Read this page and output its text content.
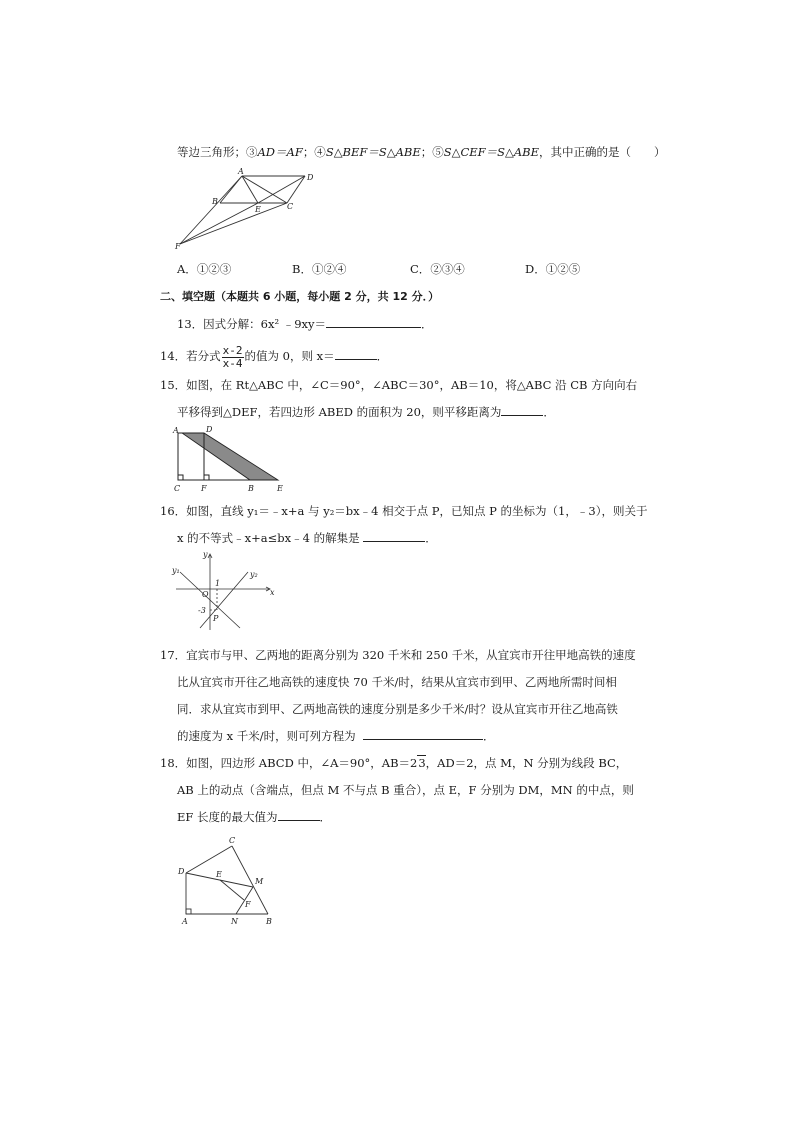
等边三角形；③AD＝AF；④S△BEF＝S△ABE；⑤S△CEF＝S△ABE，其中正确的是（　　）
A
D
B
E	C
F
A．①②③	B．①②④	C．②③④	D．①②⑤
二、填空题（本题共 6 小题，每小题 2 分，共 12 分．）
13．因式分解：6x² ﹣9xy＝	．
14．若分式 $\frac{x-2}{x-4}$ 的值为 0，则 x＝	．
15．如图，在 Rt△ABC 中，∠C＝90°，∠ABC＝30°，AB＝10，将△ABC 沿 CB 方向向右
平移得到△DEF，若四边形 ABED 的面积为 20，则平移距离为	．
A	D
C	F	B	E
16．如图，直线 y₁＝﹣x+a 与 y₂＝bx﹣4 相交于点 P，已知点 P 的坐标为（1，﹣3），则关于
x 的不等式﹣x+a≤bx﹣4 的解集是	．
y
y₁	y₂
O
1
x
-3
P
17．宜宾市与甲、乙两地的距离分别为 320 千米和 250 千米，从宜宾市开往甲地高铁的速度
比从宜宾市开往乙地高铁的速度快 70 千米/时，结果从宜宾市到甲、乙两地所需时间相
同．求从宜宾市到甲、乙两地高铁的速度分别是多少千米/时？设从宜宾市开往乙地高铁
的速度为 x 千米/时，则可列方程为	．
18．如图，四边形 ABCD 中，∠A＝90°，AB＝23，AD＝2，点 M，N 分别为线段 BC，
AB 上的动点（含端点，但点 M 不与点 B 重合），点 E，F 分别为 DM，MN 的中点，则
EF 长度的最大值为	．
C
D	E
M
F
A	N	B
